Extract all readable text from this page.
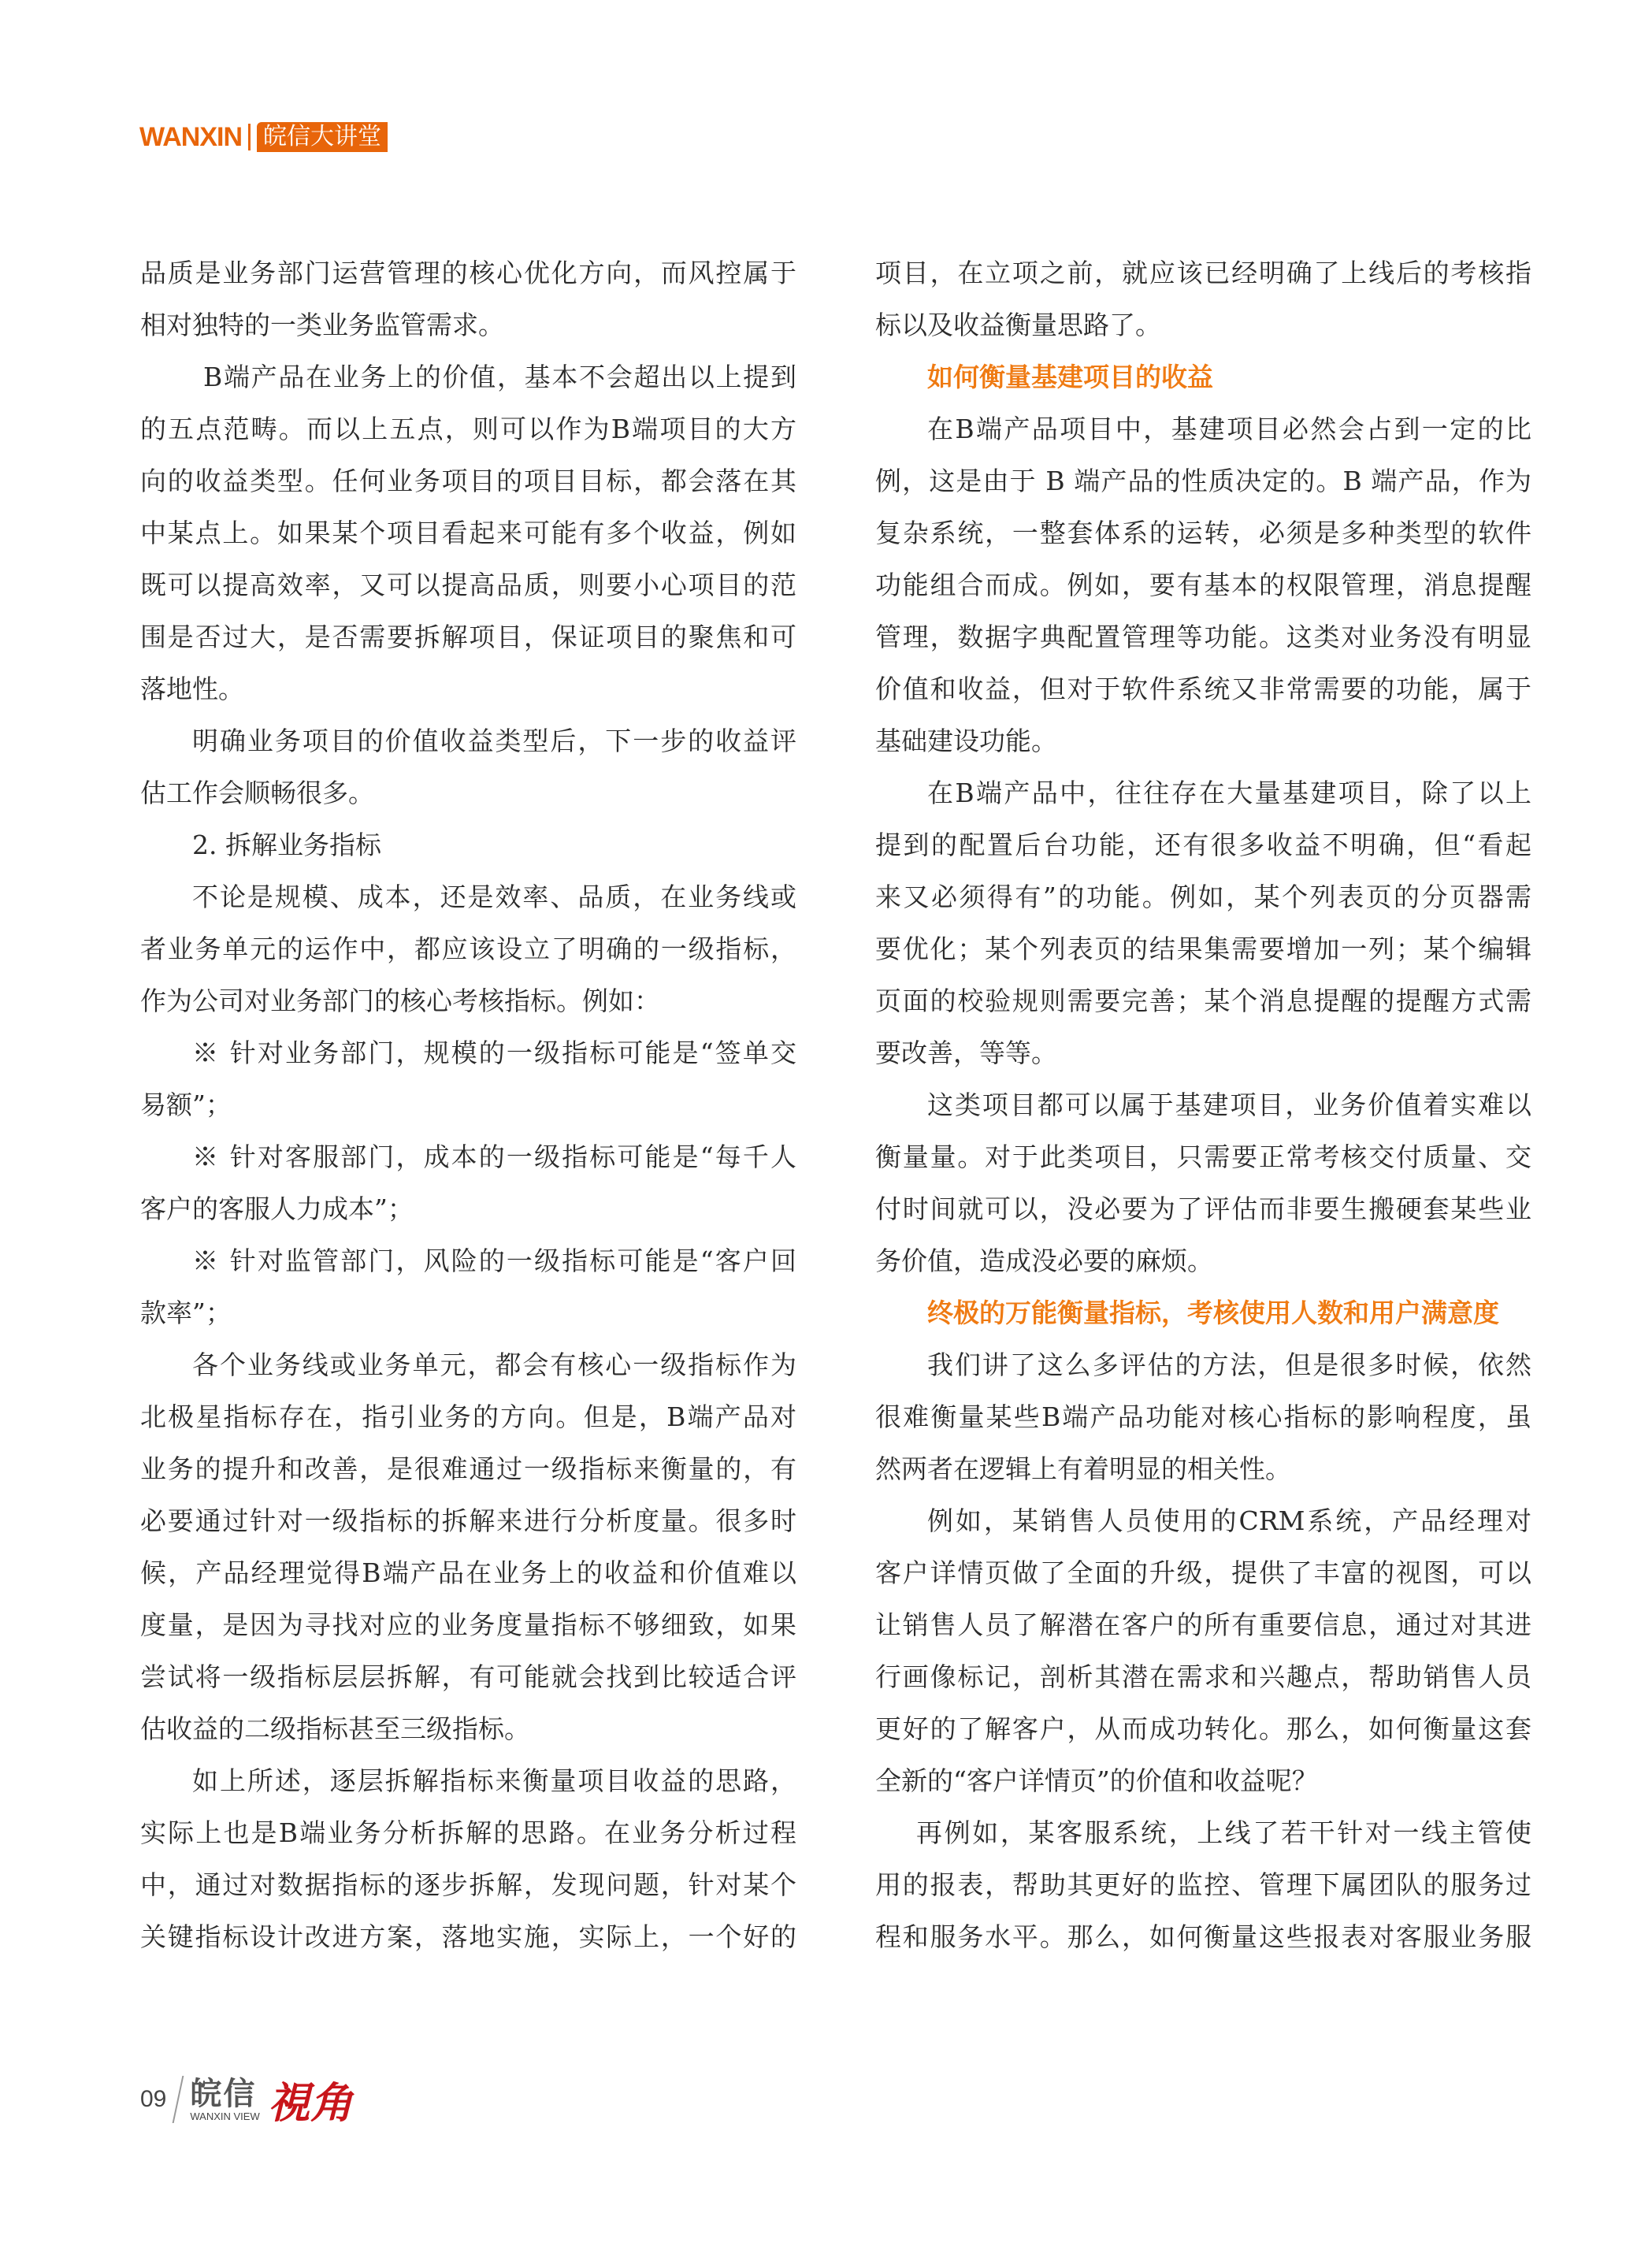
WANXIN 皖信大讲堂
品质是业务部门运营管理的核心优化方向，而风控属于
相对独特的一类业务监管需求。
B端产品在业务上的价值，基本不会超出以上提到
的五点范畴。而以上五点，则可以作为B端项目的大方
向的收益类型。任何业务项目的项目目标，都会落在其
中某点上。如果某个项目看起来可能有多个收益，例如
既可以提高效率，又可以提高品质，则要小心项目的范
围是否过大，是否需要拆解项目，保证项目的聚焦和可
落地性。
明确业务项目的价值收益类型后，下一步的收益评
估工作会顺畅很多。
2. 拆解业务指标
不论是规模、成本，还是效率、品质，在业务线或
者业务单元的运作中，都应该设立了明确的一级指标，
作为公司对业务部门的核心考核指标。例如：
※ 针对业务部门，规模的一级指标可能是“签单交
易额”；
※ 针对客服部门，成本的一级指标可能是“每千人
客户的客服人力成本”；
※ 针对监管部门，风险的一级指标可能是“客户回
款率”；
各个业务线或业务单元，都会有核心一级指标作为
北极星指标存在，指引业务的方向。但是，B端产品对
业务的提升和改善，是很难通过一级指标来衡量的，有
必要通过针对一级指标的拆解来进行分析度量。很多时
候，产品经理觉得B端产品在业务上的收益和价值难以
度量，是因为寻找对应的业务度量指标不够细致，如果
尝试将一级指标层层拆解，有可能就会找到比较适合评
估收益的二级指标甚至三级指标。
如上所述，逐层拆解指标来衡量项目收益的思路，
实际上也是B端业务分析拆解的思路。在业务分析过程
中，通过对数据指标的逐步拆解，发现问题，针对某个
关键指标设计改进方案，落地实施，实际上，一个好的
项目，在立项之前，就应该已经明确了上线后的考核指
标以及收益衡量思路了。
如何衡量基建项目的收益
在B端产品项目中，基建项目必然会占到一定的比
例，这是由于 B 端产品的性质决定的。B 端产品，作为
复杂系统，一整套体系的运转，必须是多种类型的软件
功能组合而成。例如，要有基本的权限管理，消息提醒
管理，数据字典配置管理等功能。这类对业务没有明显
价值和收益，但对于软件系统又非常需要的功能，属于
基础建设功能。
在B端产品中，往往存在大量基建项目，除了以上
提到的配置后台功能，还有很多收益不明确，但“看起
来又必须得有”的功能。例如，某个列表页的分页器需
要优化；某个列表页的结果集需要增加一列；某个编辑
页面的校验规则需要完善；某个消息提醒的提醒方式需
要改善，等等。
这类项目都可以属于基建项目，业务价值着实难以
衡量量。对于此类项目，只需要正常考核交付质量、交
付时间就可以，没必要为了评估而非要生搬硬套某些业
务价值，造成没必要的麻烦。
终极的万能衡量指标，考核使用人数和用户满意度
我们讲了这么多评估的方法，但是很多时候，依然
很难衡量某些B端产品功能对核心指标的影响程度，虽
然两者在逻辑上有着明显的相关性。
例如，某销售人员使用的CRM系统，产品经理对
客户详情页做了全面的升级，提供了丰富的视图，可以
让销售人员了解潜在客户的所有重要信息，通过对其进
行画像标记，剖析其潜在需求和兴趣点，帮助销售人员
更好的了解客户，从而成功转化。那么，如何衡量这套
全新的“客户详情页”的价值和收益呢？
再例如，某客服系统，上线了若干针对一线主管使
用的报表，帮助其更好的监控、管理下属团队的服务过
程和服务水平。那么，如何衡量这些报表对客服业务服
09 皖信
WANXIN VIEW 視角
